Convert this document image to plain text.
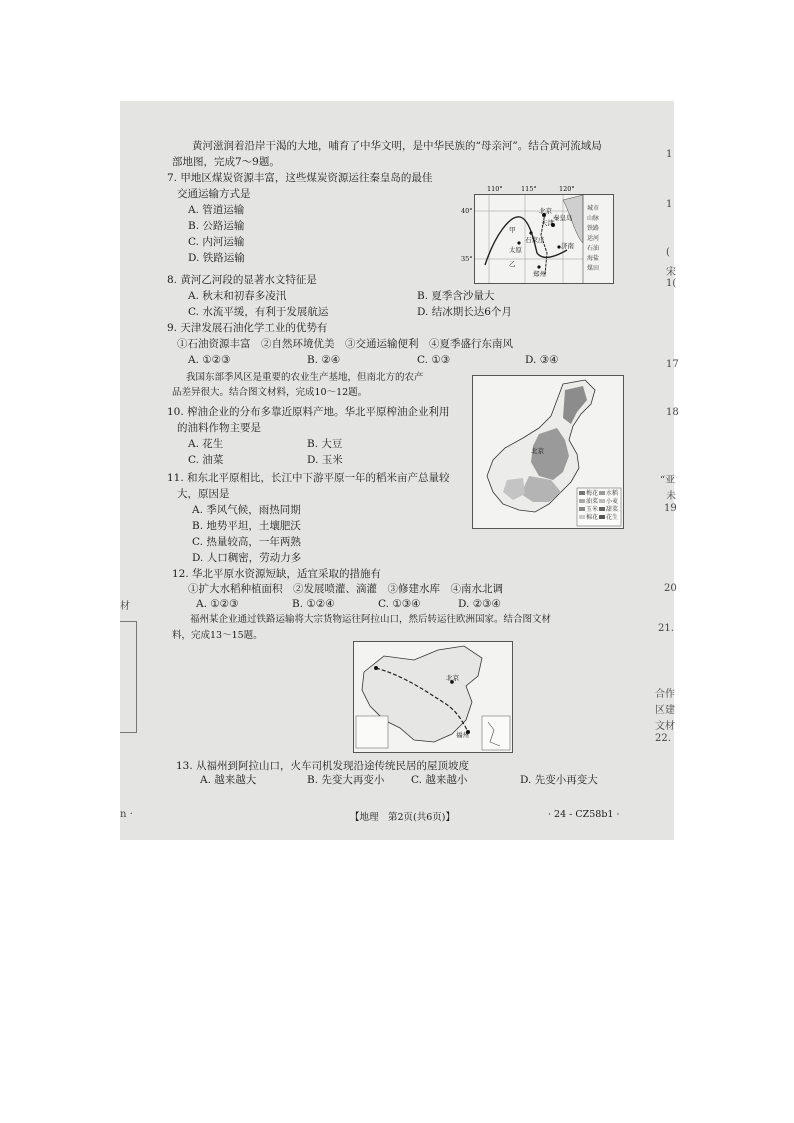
黄河滋润着沿岸干渴的大地，哺育了中华文明，是中华民族的“母亲河”。结合黄河流域局
部地图，完成7～9题。
7. 甲地区煤炭资源丰富，这些煤炭资源运往秦皇岛的最佳
交通运输方式是
A. 管道运输
B. 公路运输
C. 内河运输
D. 铁路运输
110°	115°	120°
40°
35°
北京
天津
秦皇岛
甲
石家庄
太原	济南
乙
郑州
城市
山脉
铁路
运河
石油
海盐
煤田
8. 黄河乙河段的显著水文特征是
A. 秋末和初春多凌汛	B. 夏季含沙量大
C. 水流平缓，有利于发展航运	D. 结冰期长达6个月
9. 天津发展石油化学工业的优势有
①石油资源丰富　②自然环境优美　③交通运输便利　④夏季盛行东南风
A. ①②③	B. ②④	C. ①③	D. ③④
我国东部季风区是重要的农业生产基地，但南北方的农产
品差异很大。结合图文材料，完成10～12题。
北京
梅花 水稻
油菜 小麦
玉米 甜菜
棉花 花生
10. 榨油企业的分布多靠近原料产地。华北平原榨油企业利用
的油料作物主要是
A. 花生	B. 大豆
C. 油菜	D. 玉米
11. 和东北平原相比，长江中下游平原一年的稻米亩产总量较
大，原因是
A. 季风气候，雨热同期
B. 地势平坦，土壤肥沃
C. 热量较高，一年两熟
D. 人口稠密，劳动力多
12. 华北平原水资源短缺，适宜采取的措施有
①扩大水稻种植面积　②发展喷灌、滴灌　③修建水库　④南水北调
A. ①②③	B. ①②④	C. ①③④	D. ②③④
福州某企业通过铁路运输将大宗货物运往阿拉山口，然后转运往欧洲国家。结合图文材
料，完成13～15题。
北京
福州
13. 从福州到阿拉山口，火车司机发现沿途传统民居的屋顶坡度
A. 越来越大	B. 先变大再变小	C. 越来越小	D. 先变小再变大
【地理　第2页(共6页)】	· 24 - CZ58b1 ·
1
1
(
宋
1(
17
18
“亚
未
19
20
21.
合作
区建
文材
22.
材
n ·
